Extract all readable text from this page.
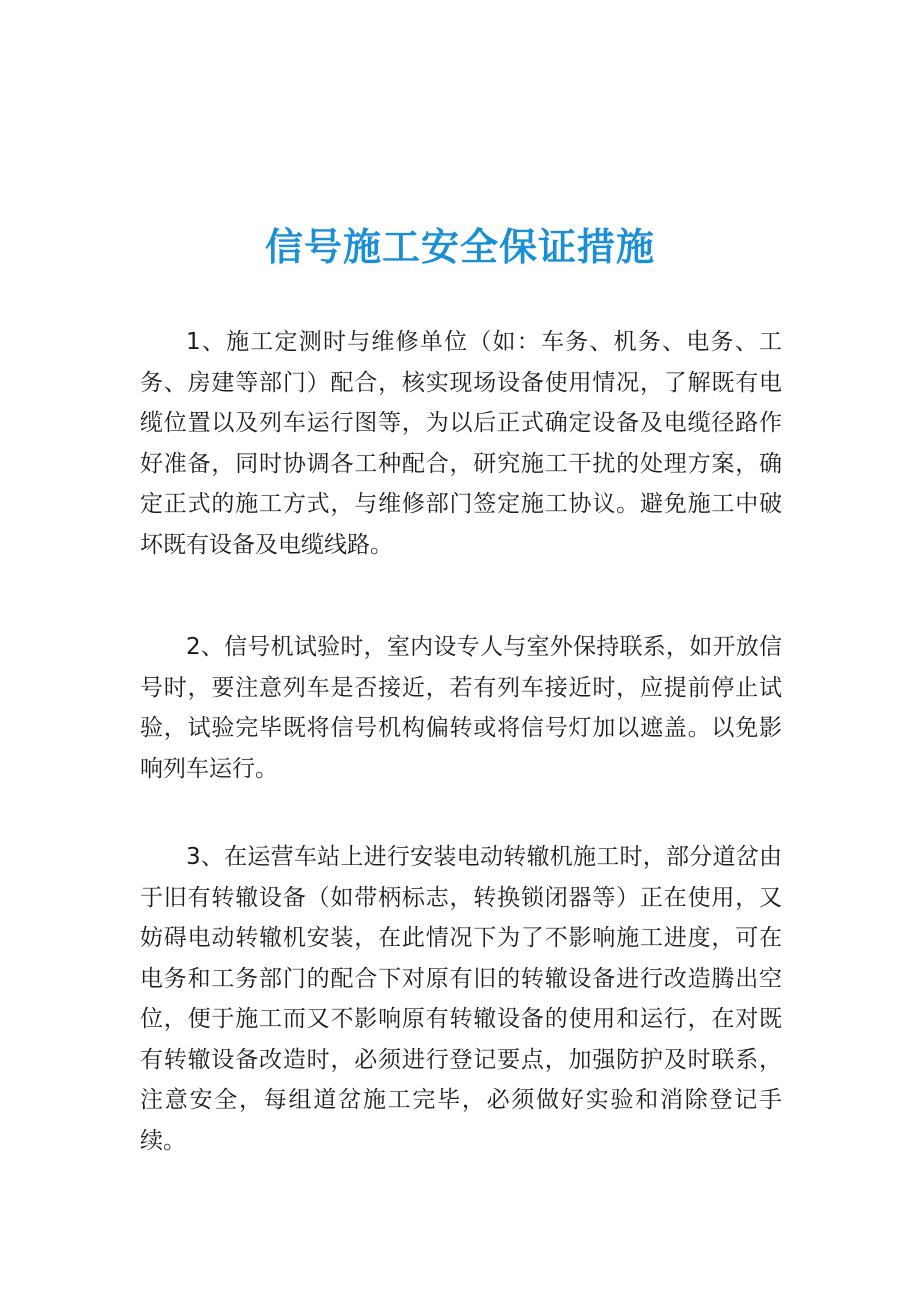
信号施工安全保证措施

1、施工定测时与维修单位（如：车务、机务、电务、工务、房建等部门）配合，核实现场设备使用情况，了解既有电缆位置以及列车运行图等，为以后正式确定设备及电缆径路作好准备，同时协调各工种配合，研究施工干扰的处理方案，确定正式的施工方式，与维修部门签定施工协议。避免施工中破坏既有设备及电缆线路。

2、信号机试验时，室内设专人与室外保持联系，如开放信号时，要注意列车是否接近，若有列车接近时，应提前停止试验，试验完毕既将信号机构偏转或将信号灯加以遮盖。以免影响列车运行。

3、在运营车站上进行安装电动转辙机施工时，部分道岔由于旧有转辙设备（如带柄标志，转换锁闭器等）正在使用，又妨碍电动转辙机安装，在此情况下为了不影响施工进度，可在电务和工务部门的配合下对原有旧的转辙设备进行改造腾出空位，便于施工而又不影响原有转辙设备的使用和运行，在对既有转辙设备改造时，必须进行登记要点，加强防护及时联系，注意安全，每组道岔施工完毕，必须做好实验和消除登记手续。
